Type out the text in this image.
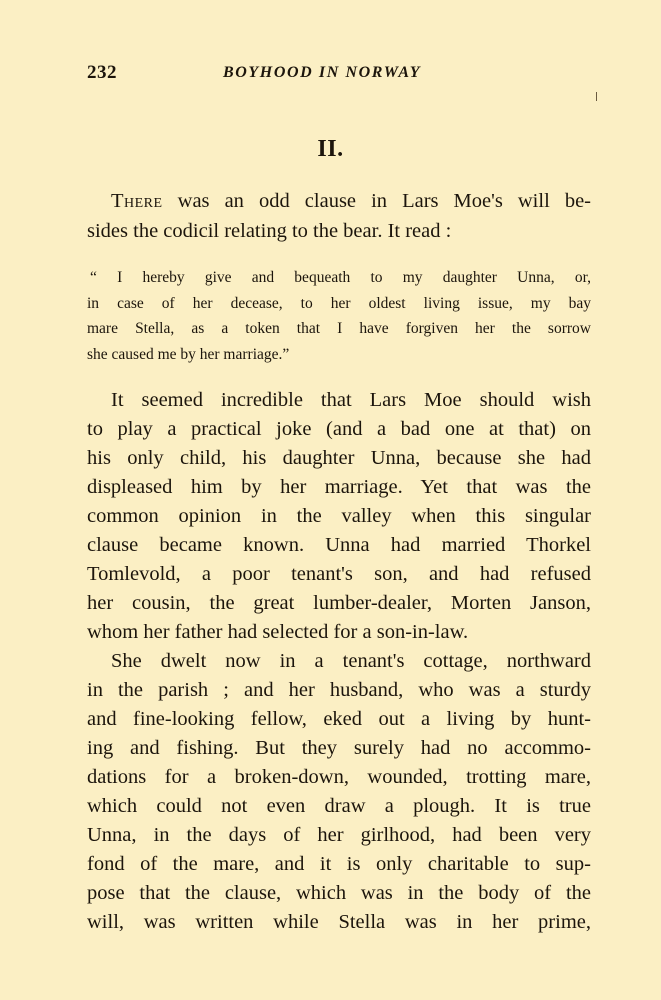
232	BOYHOOD IN NORWAY
II.
There was an odd clause in Lars Moe's will be-
sides the codicil relating to the bear. It read :
“ I hereby give and bequeath to my daughter Unna, or,
in case of her decease, to her oldest living issue, my bay
mare Stella, as a token that I have forgiven her the sorrow
she caused me by her marriage.”
It seemed incredible that Lars Moe should wish
to play a practical joke (and a bad one at that) on
his only child, his daughter Unna, because she had
displeased him by her marriage. Yet that was the
common opinion in the valley when this singular
clause became known. Unna had married Thorkel
Tomlevold, a poor tenant's son, and had refused
her cousin, the great lumber-dealer, Morten Janson,
whom her father had selected for a son-in-law.
She dwelt now in a tenant's cottage, northward
in the parish ; and her husband, who was a sturdy
and fine-looking fellow, eked out a living by hunt-
ing and fishing. But they surely had no accommo-
dations for a broken-down, wounded, trotting mare,
which could not even draw a plough. It is true
Unna, in the days of her girlhood, had been very
fond of the mare, and it is only charitable to sup-
pose that the clause, which was in the body of the
will, was written while Stella was in her prime,
